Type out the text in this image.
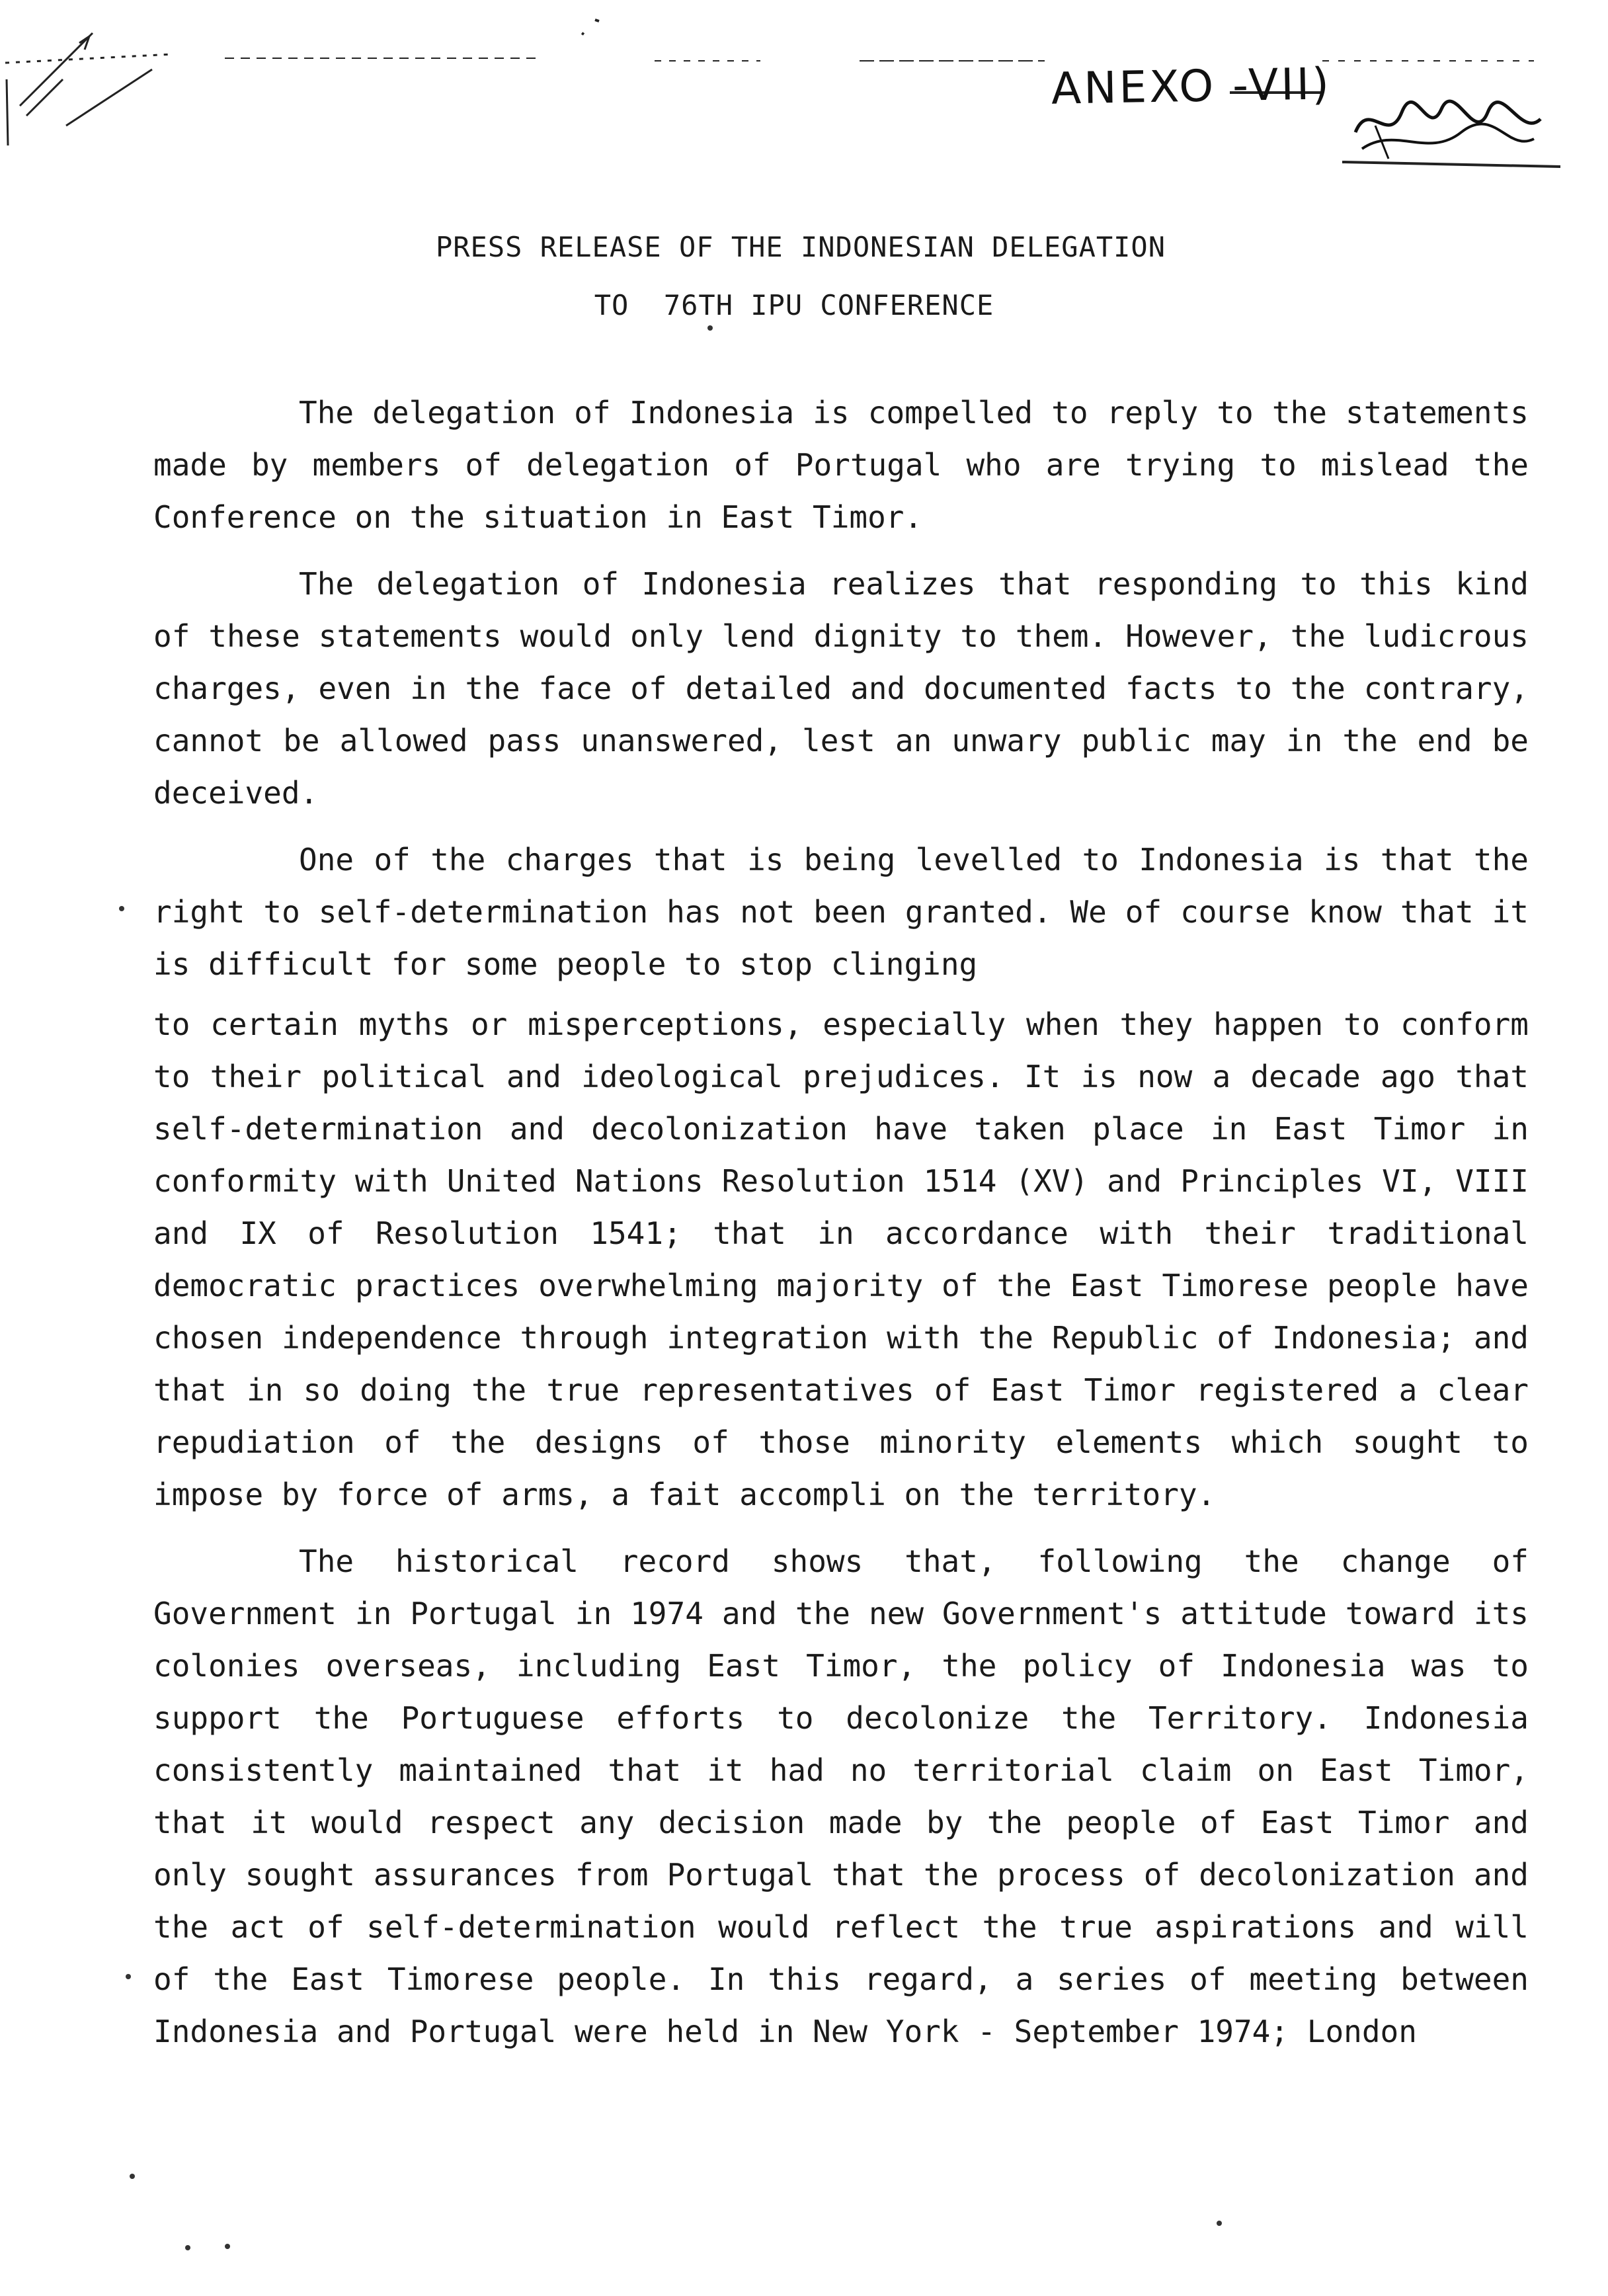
ANEXO -VII)
PRESS RELEASE OF THE INDONESIAN DELEGATION
TO  76TH IPU CONFERENCE

The delegation of Indonesia is compelled to reply to the statements made by members of delegation of Portugal who are trying to mislead the Conference on the situation in East Timor.

The delegation of Indonesia realizes that responding to this kind of these statements would only lend dignity to them. However, the ludicrous charges, even in the face of detailed and documented facts to the contrary, cannot be allowed pass unanswered, lest an unwary public may in the end be deceived.

One of the charges that is being levelled to Indonesia is that the right to self-determination has not been granted. We of course know that it is difficult for some people to stop clinging

to certain myths or misperceptions, especially when they happen to conform to their political and ideological prejudices. It is now a decade ago that self-determination and decolonization have taken place in East Timor in conformity with United Nations Resolution 1514 (XV) and Principles VI, VIII and IX of Resolution 1541; that in accordance with their traditional democratic practices overwhelming majority of the East Timorese people have chosen independence through integration with the Republic of Indonesia; and that in so doing the true representatives of East Timor registered a clear repudiation of the designs of those minority elements which sought to impose by force of arms, a fait accompli on the territory.

The historical record shows that, following the change of Government in Portugal in 1974 and the new Government's attitude toward its colonies overseas, including East Timor, the policy of Indonesia was to support the Portuguese efforts to decolonize the Territory. Indonesia consistently maintained that it had no territorial claim on East Timor, that it would respect any decision made by the people of East Timor and only sought assurances from Portugal that the process of decolonization and the act of self-determination would reflect the true aspirations and will of the East Timorese people. In this regard, a series of meeting between Indonesia and Portugal were held in New York - September 1974; London
